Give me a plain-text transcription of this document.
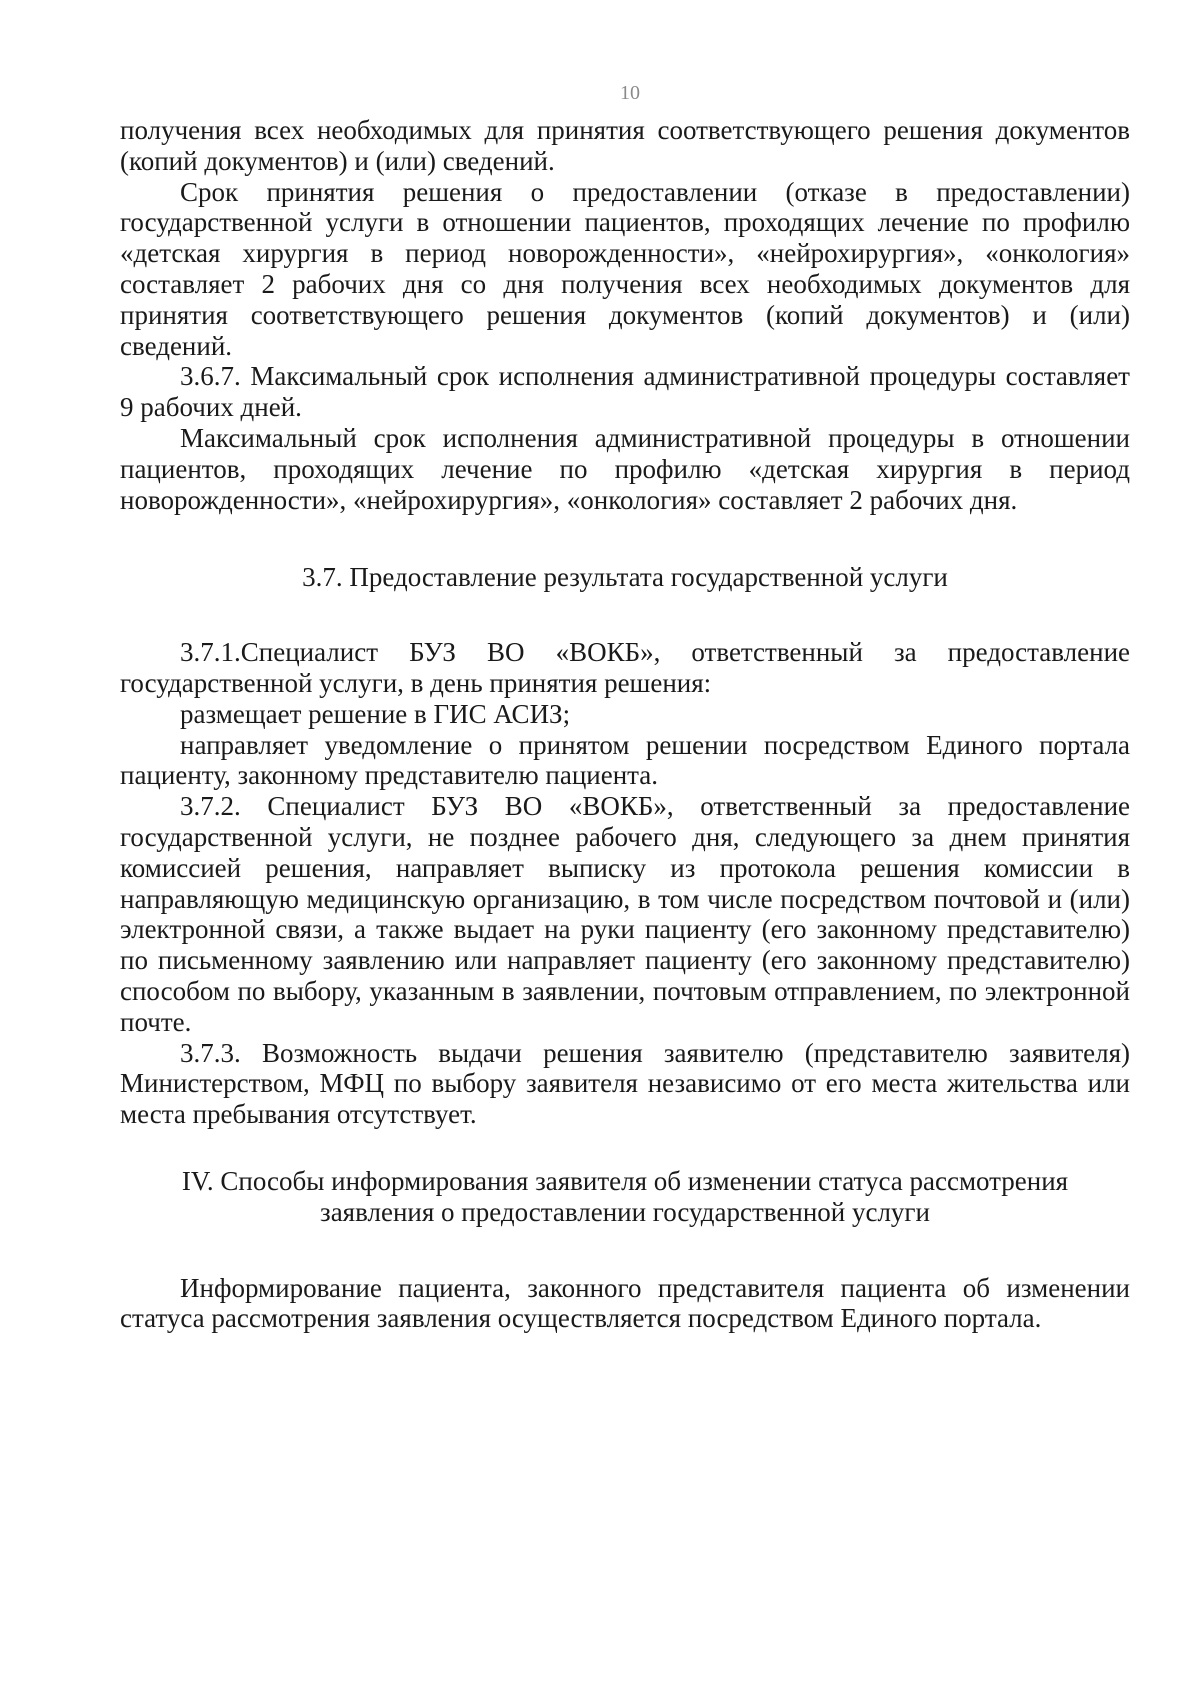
10

получения всех необходимых для принятия соответствующего решения документов (копий документов) и (или) сведений.

Срок принятия решения о предоставлении (отказе в предоставлении) государственной услуги в отношении пациентов, проходящих лечение по профилю «детская хирургия в период новорожденности», «нейрохирургия», «онкология» составляет 2 рабочих дня со дня получения всех необходимых документов для принятия соответствующего решения документов (копий документов) и (или) сведений.

3.6.7. Максимальный срок исполнения административной процедуры составляет 9 рабочих дней.

Максимальный срок исполнения административной процедуры в отношении пациентов, проходящих лечение по профилю «детская хирургия в период новорожденности», «нейрохирургия», «онкология» составляет 2 рабочих дня.

3.7. Предоставление результата государственной услуги

3.7.1.Специалист БУЗ ВО «ВОКБ», ответственный за предоставление государственной услуги, в день принятия решения:

размещает решение в ГИС АСИЗ;

направляет уведомление о принятом решении посредством Единого портала пациенту, законному представителю пациента.

3.7.2. Специалист БУЗ ВО «ВОКБ», ответственный за предоставление государственной услуги, не позднее рабочего дня, следующего за днем принятия комиссией решения, направляет выписку из протокола решения комиссии в направляющую медицинскую организацию, в том числе посредством почтовой и (или) электронной связи, а также выдает на руки пациенту (его законному представителю) по письменному заявлению или направляет пациенту (его законному представителю) способом по выбору, указанным в заявлении, почтовым отправлением, по электронной почте.

3.7.3. Возможность выдачи решения заявителю (представителю заявителя) Министерством, МФЦ по выбору заявителя независимо от его места жительства или места пребывания отсутствует.

IV. Способы информирования заявителя об изменении статуса рассмотрения заявления о предоставлении государственной услуги

Информирование пациента, законного представителя пациента об изменении статуса рассмотрения заявления осуществляется посредством Единого портала.
